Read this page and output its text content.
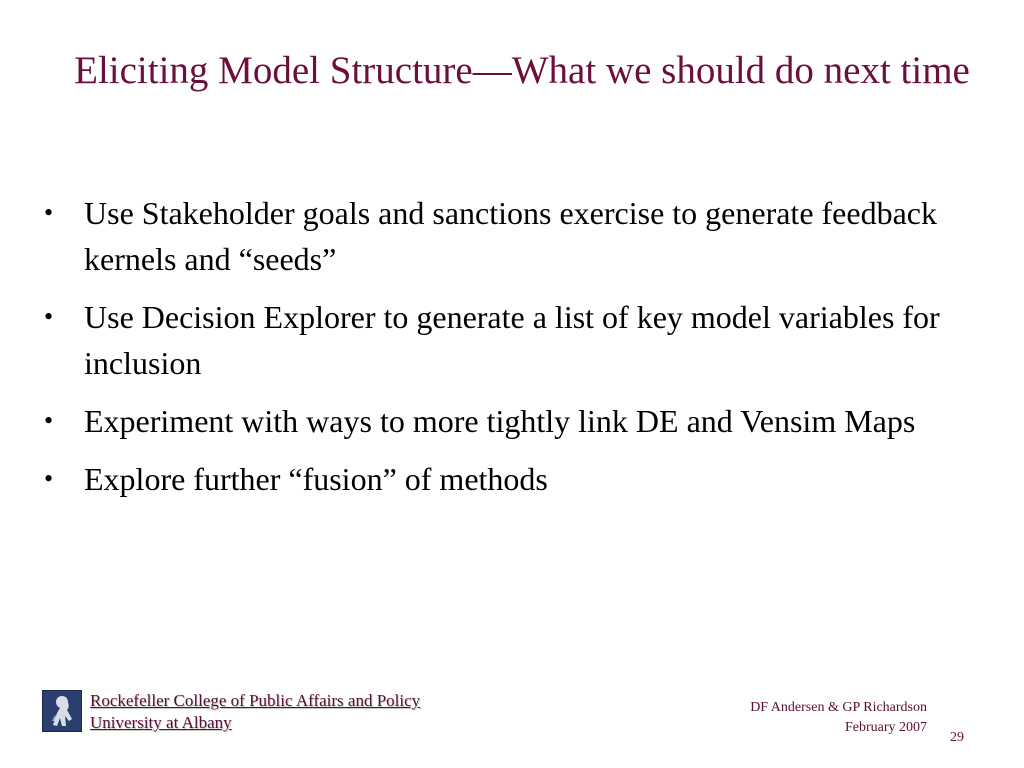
Eliciting Model Structure—What we should do next time
• Use Stakeholder goals and sanctions exercise to generate feedback kernels and “seeds”
• Use Decision Explorer to generate a list of key model variables for inclusion
• Experiment with ways to more tightly link DE and Vensim Maps
• Explore further “fusion” of methods
Rockefeller College of Public Affairs and Policy
University at Albany
DF Andersen & GP Richardson
February 2007
29
